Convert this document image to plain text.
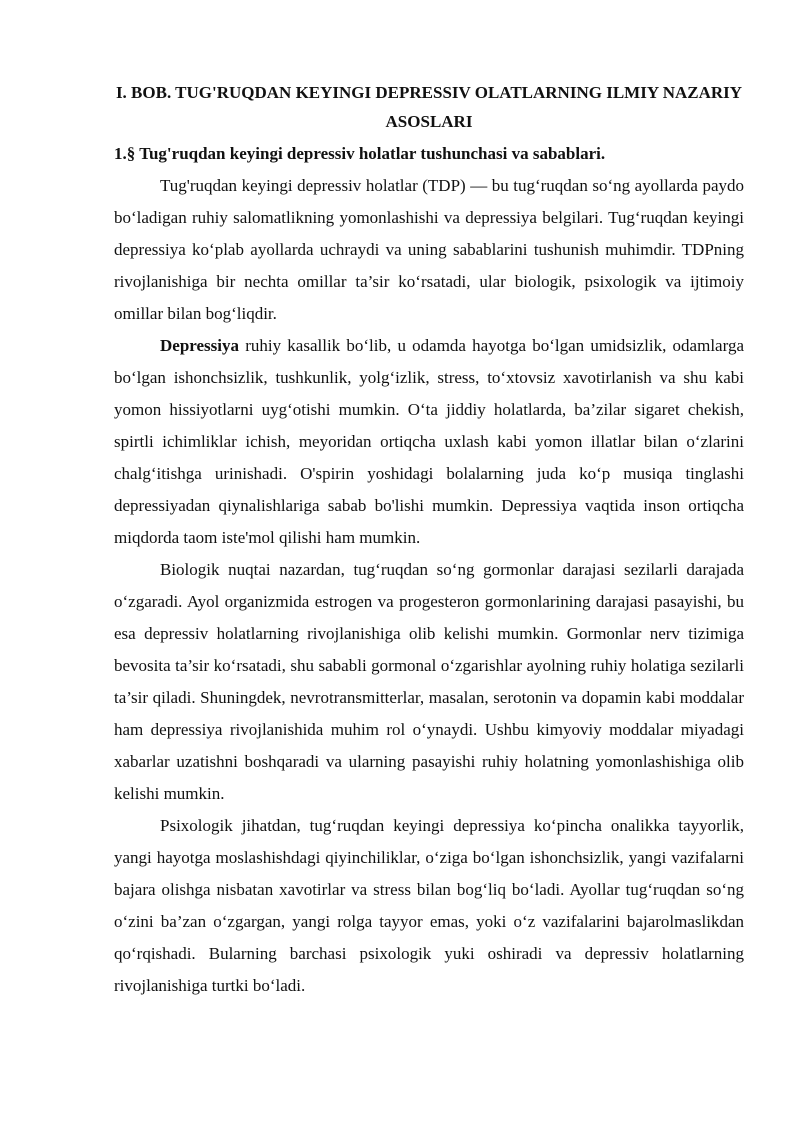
I. BOB. TUG'RUQDAN KEYINGI DEPRESSIV OLATLARNING ILMIY NAZARIY ASOSLARI
1.§ Tug'ruqdan keyingi depressiv holatlar tushunchasi va sabablari.

Tug'ruqdan keyingi depressiv holatlar (TDP) — bu tug‘ruqdan so‘ng ayollarda paydo bo‘ladigan ruhiy salomatlikning yomonlashishi va depressiya belgilari. Tug‘ruqdan keyingi depressiya ko‘plab ayollarda uchraydi va uning sabablarini tushunish muhimdir. TDPning rivojlanishiga bir nechta omillar ta’sir ko‘rsatadi, ular biologik, psixologik va ijtimoiy omillar bilan bog‘liqdir.

Depressiya ruhiy kasallik bo‘lib, u odamda hayotga bo‘lgan umidsizlik, odamlarga bo‘lgan ishonchsizlik, tushkunlik, yolg‘izlik, stress, to‘xtovsiz xavotirlanish va shu kabi yomon hissiyotlarni uyg‘otishi mumkin. O‘ta jiddiy holatlarda, ba’zilar sigaret chekish, spirtli ichimliklar ichish, meyoridan ortiqcha uxlash kabi yomon illatlar bilan o‘zlarini chalg‘itishga urinishadi. O'spirin yoshidagi bolalarning juda ko‘p musiqa tinglashi depressiyadan qiynalishlariga sabab bo'lishi mumkin. Depressiya vaqtida inson ortiqcha miqdorda taom iste'mol qilishi ham mumkin.

Biologik nuqtai nazardan, tug‘ruqdan so‘ng gormonlar darajasi sezilarli darajada o‘zgaradi. Ayol organizmida estrogen va progesteron gormonlarining darajasi pasayishi, bu esa depressiv holatlarning rivojlanishiga olib kelishi mumkin. Gormonlar nerv tizimiga bevosita ta’sir ko‘rsatadi, shu sababli gormonal o‘zgarishlar ayolning ruhiy holatiga sezilarli ta’sir qiladi. Shuningdek, nevrotransmitterlar, masalan, serotonin va dopamin kabi moddalar ham depressiya rivojlanishida muhim rol o‘ynaydi. Ushbu kimyoviy moddalar miyadagi xabarlar uzatishni boshqaradi va ularning pasayishi ruhiy holatning yomonlashishiga olib kelishi mumkin.

Psixologik jihatdan, tug‘ruqdan keyingi depressiya ko‘pincha onalikka tayyorlik, yangi hayotga moslashishdagi qiyinchiliklar, o‘ziga bo‘lgan ishonchsizlik, yangi vazifalarni bajara olishga nisbatan xavotirlar va stress bilan bog‘liq bo‘ladi. Ayollar tug‘ruqdan so‘ng o‘zini ba’zan o‘zgargan, yangi rolga tayyor emas, yoki o‘z vazifalarini bajarolmaslikdan qo‘rqishadi. Bularning barchasi psixologik yuki oshiradi va depressiv holatlarning rivojlanishiga turtki bo‘ladi.
